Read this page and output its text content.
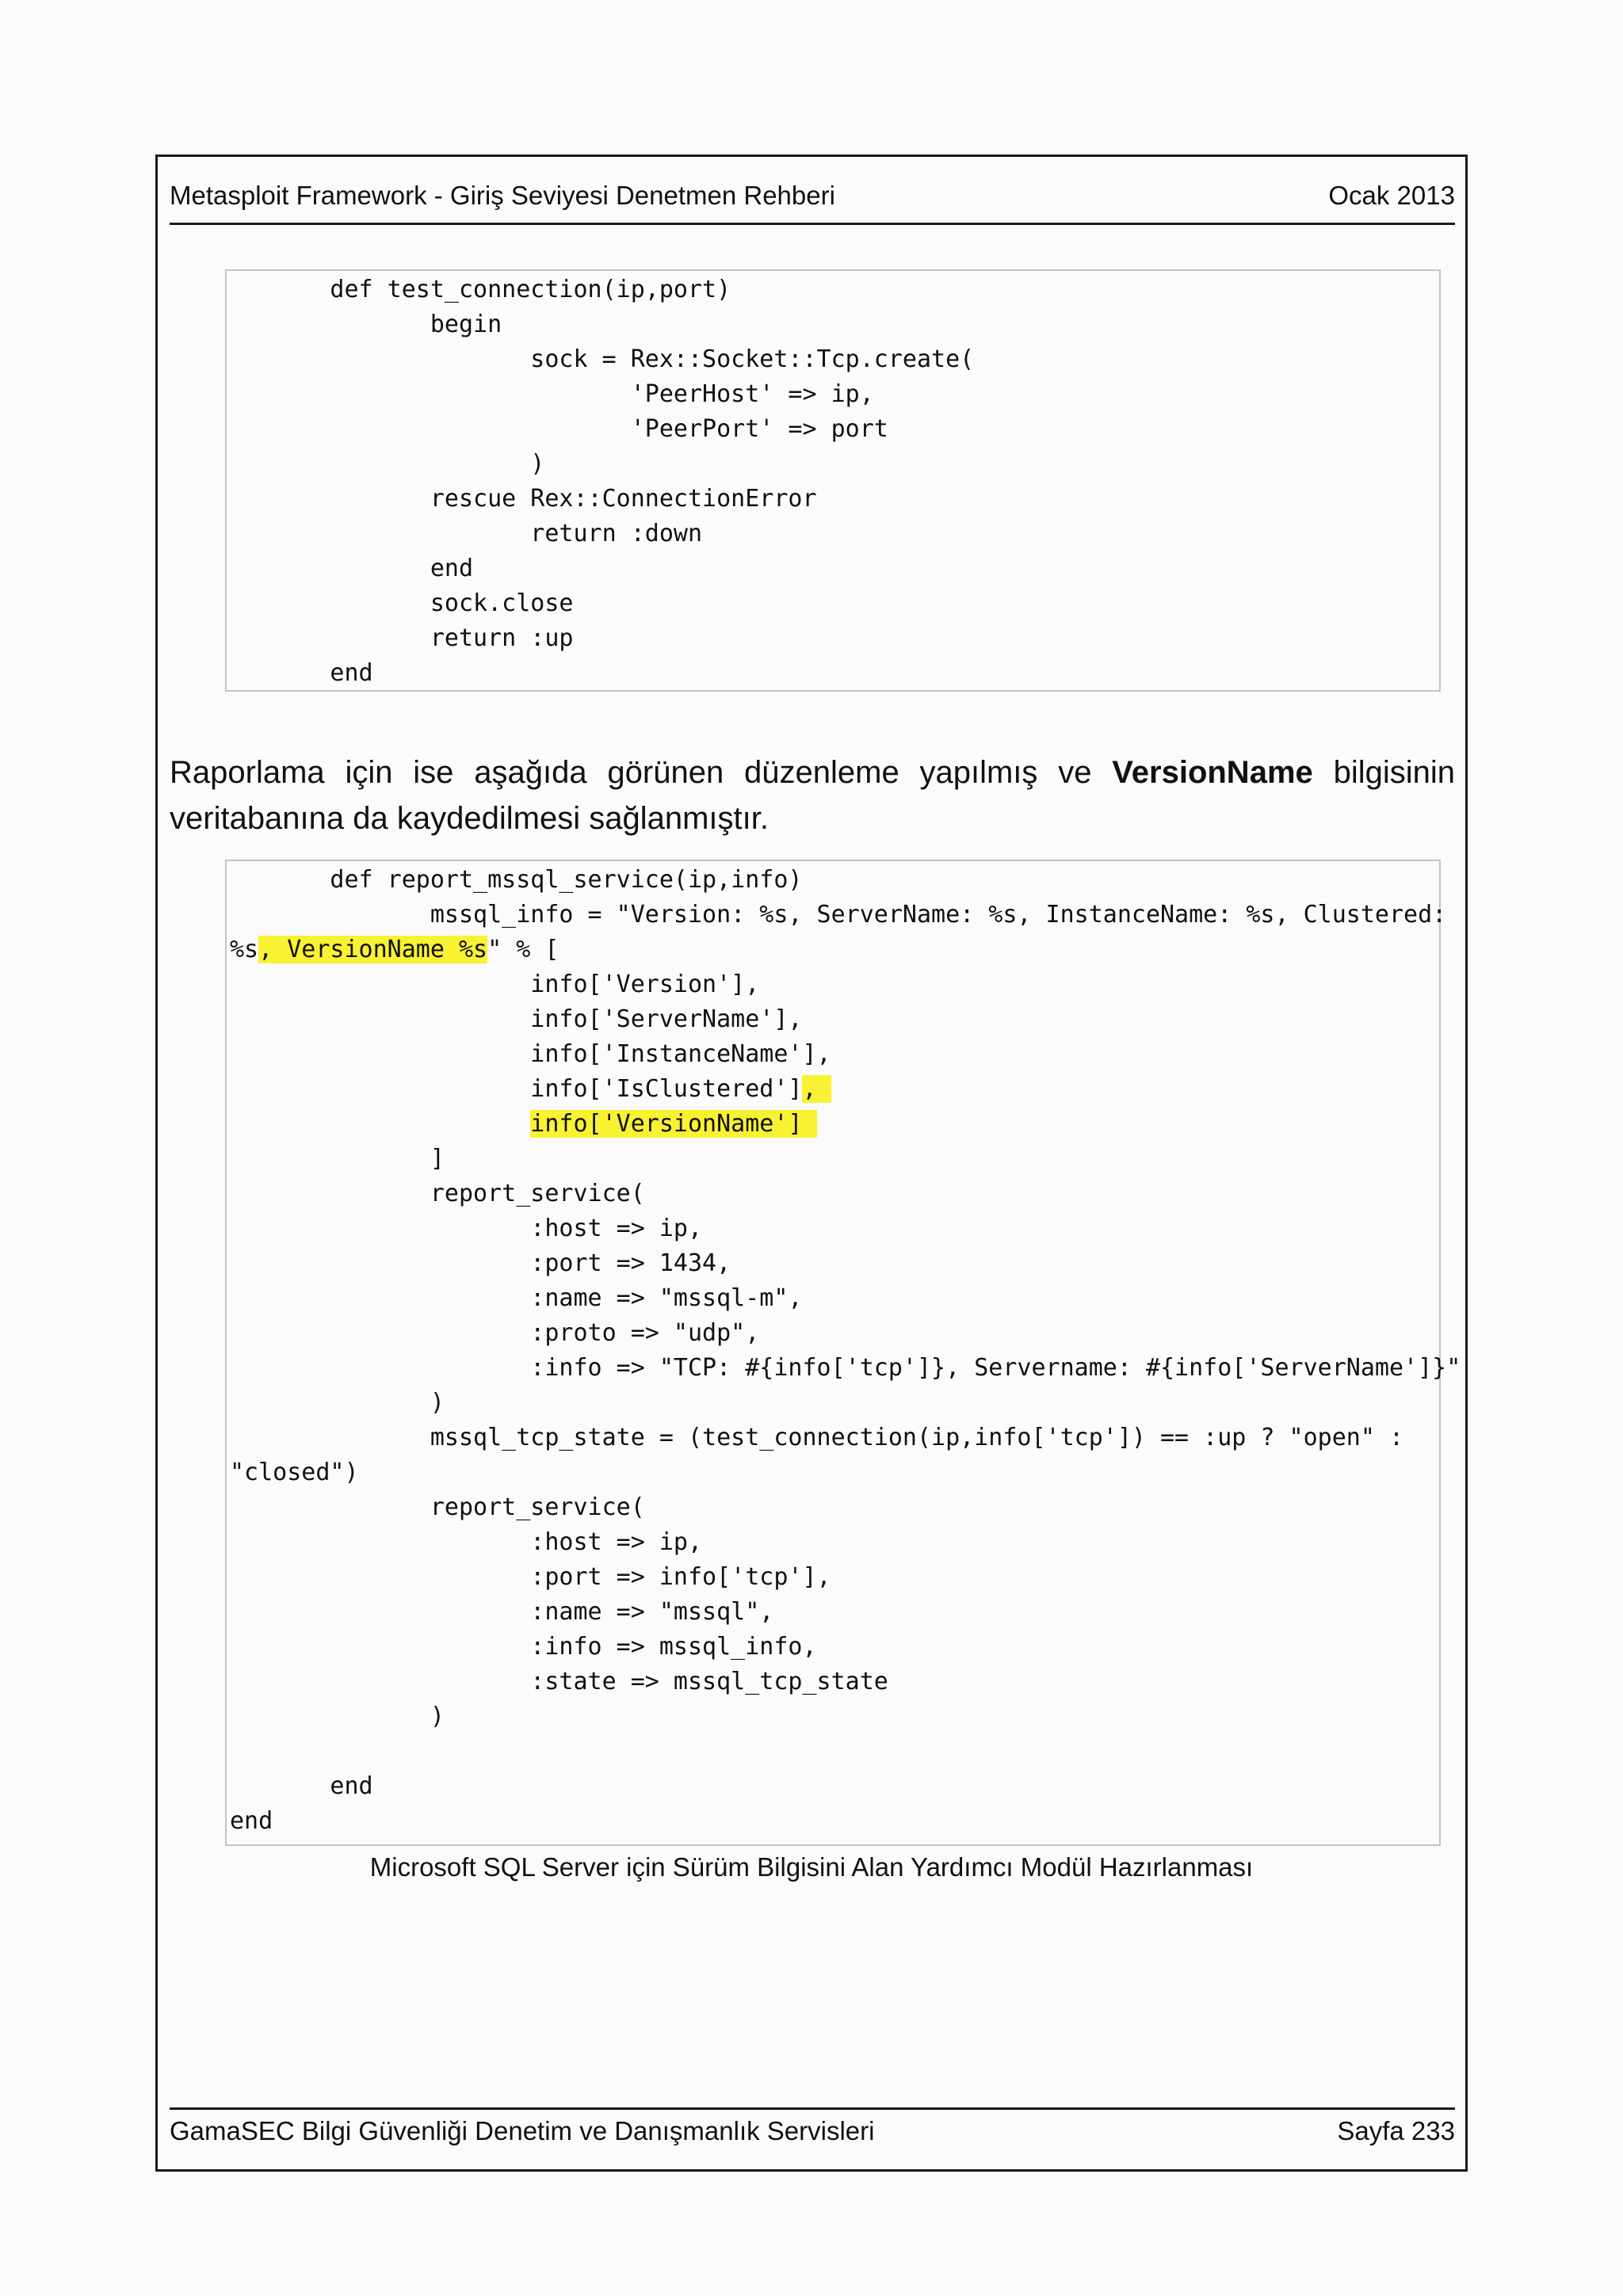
Metasploit Framework - Giriş Seviyesi Denetmen Rehberi	Ocak 2013
def test_connection(ip,port)
begin
sock = Rex::Socket::Tcp.create(
'PeerHost' => ip,
'PeerPort' => port
)
rescue Rex::ConnectionError
return :down
end
sock.close
return :up
end
Raporlama için ise aşağıda görünen düzenleme yapılmış ve VersionName bilgisinin
veritabanına da kaydedilmesi sağlanmıştır.
def report_mssql_service(ip,info)
mssql_info = "Version: %s, ServerName: %s, InstanceName: %s, Clustered:
%s, VersionName %s" % [
info['Version'],
info['ServerName'],
info['InstanceName'],
info['IsClustered'],
info['VersionName']
]
report_service(
:host => ip,
:port => 1434,
:name => "mssql-m",
:proto => "udp",
:info => "TCP: #{info['tcp']}, Servername: #{info['ServerName']}"
)
mssql_tcp_state = (test_connection(ip,info['tcp']) == :up ? "open" :
"closed")
report_service(
:host => ip,
:port => info['tcp'],
:name => "mssql",
:info => mssql_info,
:state => mssql_tcp_state
)
end
end
Microsoft SQL Server için Sürüm Bilgisini Alan Yardımcı Modül Hazırlanması
GamaSEC Bilgi Güvenliği Denetim ve Danışmanlık Servisleri	Sayfa 233
